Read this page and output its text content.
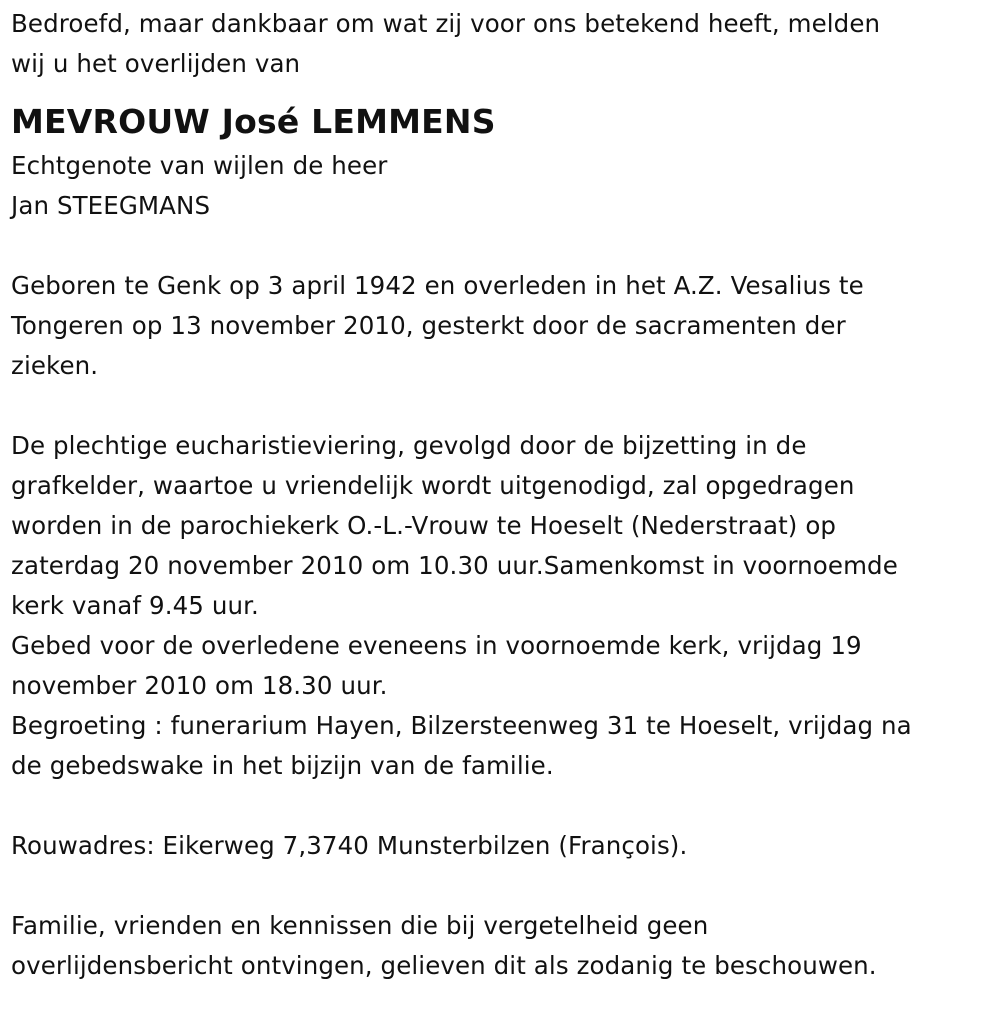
Bedroefd, maar dankbaar om wat zij voor ons betekend heeft, melden
wij u het overlijden van
MEVROUW José LEMMENS
Echtgenote van wijlen de heer
Jan STEEGMANS
Geboren te Genk op 3 april 1942 en overleden in het A.Z. Vesalius te
Tongeren op 13 november 2010, gesterkt door de sacramenten der
zieken.
De plechtige eucharistieviering, gevolgd door de bijzetting in de
grafkelder, waartoe u vriendelijk wordt uitgenodigd, zal opgedragen
worden in de parochiekerk O.-L.-Vrouw te Hoeselt (Nederstraat) op
zaterdag 20 november 2010 om 10.30 uur.Samenkomst in voornoemde
kerk vanaf 9.45 uur.
Gebed voor de overledene eveneens in voornoemde kerk, vrijdag 19
november 2010 om 18.30 uur.
Begroeting : funerarium Hayen, Bilzersteenweg 31 te Hoeselt, vrijdag na
de gebedswake in het bijzijn van de familie.
Rouwadres: Eikerweg 7,3740 Munsterbilzen (François).
Familie, vrienden en kennissen die bij vergetelheid geen
overlijdensbericht ontvingen, gelieven dit als zodanig te beschouwen.
